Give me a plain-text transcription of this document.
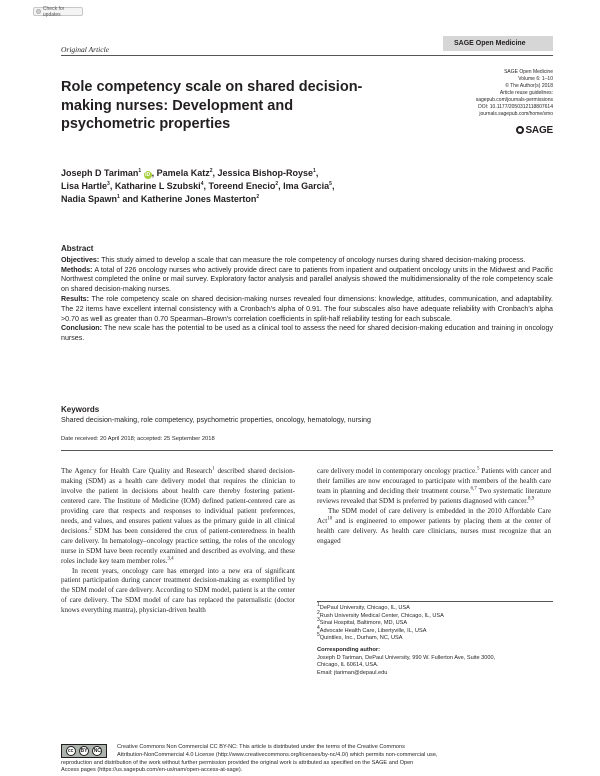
Check for updates
Original Article
SAGE Open Medicine
SAGE Open Medicine
Volume 6: 1–10
© The Author(s) 2018
Article reuse guidelines:
sagepub.com/journals-permissions
DOI: 10.1177/2050312118807614
journals.sagepub.com/home/smo
SAGE
Role competency scale on shared decision-making nurses: Development and psychometric properties
Joseph D Tariman$^1$ iD , Pamela Katz$^2$, Jessica Bishop-Royse$^1$,
Lisa Hartle$^3$, Katharine L Szubski$^4$, Toreend Enecio$^2$, Ima Garcia$^5$,
Nadia Spawn$^1$ and Katherine Jones Masterton$^2$
Abstract

Objectives: This study aimed to develop a scale that can measure the role competency of oncology nurses during shared decision-making process.

Methods: A total of 226 oncology nurses who actively provide direct care to patients from inpatient and outpatient oncology units in the Midwest and Pacific Northwest completed the online or mail survey. Exploratory factor analysis and parallel analysis showed the multidimensionality of the role competency scale on shared decision-making nurses.

Results: The role competency scale on shared decision-making nurses revealed four dimensions: knowledge, attitudes, communication, and adaptability. The 22 items have excellent internal consistency with a Cronbach's alpha of 0.91. The four subscales also have adequate reliability with Cronbach's alpha >0.70 as well as greater than 0.70 Spearman–Brown's correlation coefficients in split-half reliability testing for each subscale.

Conclusion: The new scale has the potential to be used as a clinical tool to assess the need for shared decision-making education and training in oncology nurses.

Keywords
Shared decision-making, role competency, psychometric properties, oncology, hematology, nursing
Date received: 20 April 2018; accepted: 25 September 2018

The Agency for Health Care Quality and Research$^1$ described shared decision-making (SDM) as a health care delivery model that requires the clinician to involve the patient in decisions about health care thereby fostering patient-centered care. The Institute of Medicine (IOM) defined patient-centered care as providing care that respects and responses to individual patient preferences, needs, and values, and ensures patient values as the primary guide in all clinical decisions.$^2$ SDM has been considered the crux of patient-centeredness in health care delivery. In hematology–oncology practice setting, the roles of the oncology nurse in SDM have been recently examined and described as evolving, and these roles include key team member roles.$^{3,4}$

In recent years, oncology care has emerged into a new era of significant patient participation during cancer treatment decision-making as exemplified by the SDM model of care delivery. According to SDM model, patient is at the center of care delivery. The SDM model of care has replaced the paternalistic (doctor knows everything mantra), physician-driven health

care delivery model in contemporary oncology practice.$^5$ Patients with cancer and their families are now encouraged to participate with members of the health care team in planning and deciding their treatment course.$^{6,7}$ Two systematic literature reviews revealed that SDM is preferred by patients diagnosed with cancer.$^{8,9}$

The SDM model of care delivery is embedded in the 2010 Affordable Care Act$^{10}$ and is engineered to empower patients by placing them at the center of health care delivery. As health care clinicians, nurses must recognize that an engaged

$^1$DePaul University, Chicago, IL, USA
$^2$Rush University Medical Center, Chicago, IL, USA
$^3$Sinai Hospital, Baltimore, MD, USA
$^4$Advocate Health Care, Libertyville, IL, USA
$^5$Quintiles, Inc., Durham, NC, USA
Corresponding author:
Joseph D Tariman, DePaul University, 990 W. Fullerton Ave, Suite 3000,
Chicago, IL 60614, USA.
Email: jtariman@depaul.edu
Creative Commons Non Commercial CC BY-NC: This article is distributed under the terms of the Creative Commons
Attribution-NonCommercial 4.0 License (http://www.creativecommons.org/licenses/by-nc/4.0/) which permits non-commercial use,
reproduction and distribution of the work without further permission provided the original work is attributed as specified on the SAGE and Open
Access pages (https://us.sagepub.com/en-us/nam/open-access-at-sage).
cc	BY	NC
